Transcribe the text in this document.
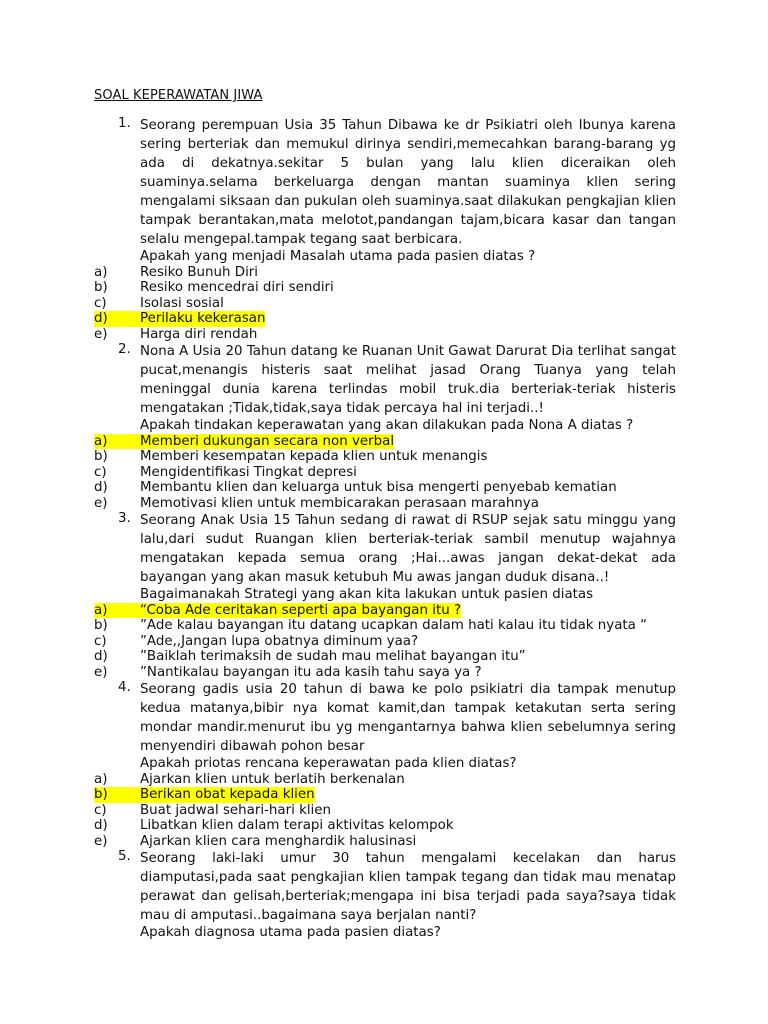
SOAL KEPERAWATAN JIWA
1. Seorang perempuan Usia 35 Tahun Dibawa ke dr Psikiatri oleh Ibunya karena sering berteriak dan memukul dirinya sendiri,memecahkan barang-barang yg ada di dekatnya.sekitar 5 bulan yang lalu klien diceraikan oleh suaminya.selama berkeluarga dengan mantan suaminya klien sering mengalami siksaan dan pukulan oleh suaminya.saat dilakukan pengkajian klien tampak berantakan,mata melotot,pandangan tajam,bicara kasar dan tangan selalu mengepal.tampak tegang saat berbicara.
Apakah yang menjadi Masalah utama pada pasien diatas ?
a) Resiko Bunuh Diri
b) Resiko mencedrai diri sendiri
c) Isolasi sosial
d) Perilaku kekerasan
e) Harga diri rendah
2. Nona A Usia 20 Tahun datang ke Ruanan Unit Gawat Darurat Dia terlihat sangat pucat,menangis histeris saat melihat jasad Orang Tuanya yang telah meninggal dunia karena terlindas mobil truk.dia berteriak-teriak histeris mengatakan ;Tidak,tidak,saya tidak percaya hal ini terjadi..!
Apakah tindakan keperawatan yang akan dilakukan pada Nona A diatas ?
a) Memberi dukungan secara non verbal
b) Memberi kesempatan kepada klien untuk menangis
c) Mengidentifikasi Tingkat depresi
d) Membantu klien dan keluarga untuk bisa mengerti penyebab kematian
e) Memotivasi klien untuk membicarakan perasaan marahnya
3. Seorang Anak Usia 15 Tahun sedang di rawat di RSUP sejak satu minggu yang lalu,dari sudut Ruangan klien berteriak-teriak sambil menutup wajahnya mengatakan kepada semua orang ;Hai...awas jangan dekat-dekat ada bayangan yang akan masuk ketubuh Mu awas jangan duduk disana..!
Bagaimanakah Strategi yang akan kita lakukan untuk pasien diatas
a) “Coba Ade ceritakan seperti apa bayangan itu ?
b) ”Ade kalau bayangan itu datang ucapkan dalam hati kalau itu tidak nyata “
c) ”Ade,,Jangan lupa obatnya diminum yaa?
d) ”Baiklah terimaksih de sudah mau melihat bayangan itu”
e) ”Nantikalau bayangan itu ada kasih tahu saya ya ?
4. Seorang gadis usia 20 tahun di bawa ke polo psikiatri dia tampak menutup kedua matanya,bibir nya komat kamit,dan tampak ketakutan serta sering mondar mandir.menurut ibu yg mengantarnya bahwa klien sebelumnya sering menyendiri dibawah pohon besar
Apakah priotas rencana keperawatan pada klien diatas?
a) Ajarkan klien untuk berlatih berkenalan
b) Berikan obat kepada klien
c) Buat jadwal sehari-hari klien
d) Libatkan klien dalam terapi aktivitas kelompok
e) Ajarkan klien cara menghardik halusinasi
5. Seorang laki-laki umur 30 tahun mengalami kecelakan dan harus diamputasi,pada saat pengkajian klien tampak tegang dan tidak mau menatap perawat dan gelisah,berteriak;mengapa ini bisa terjadi pada saya?saya tidak mau di amputasi..bagaimana saya berjalan nanti?
Apakah diagnosa utama pada pasien diatas?
